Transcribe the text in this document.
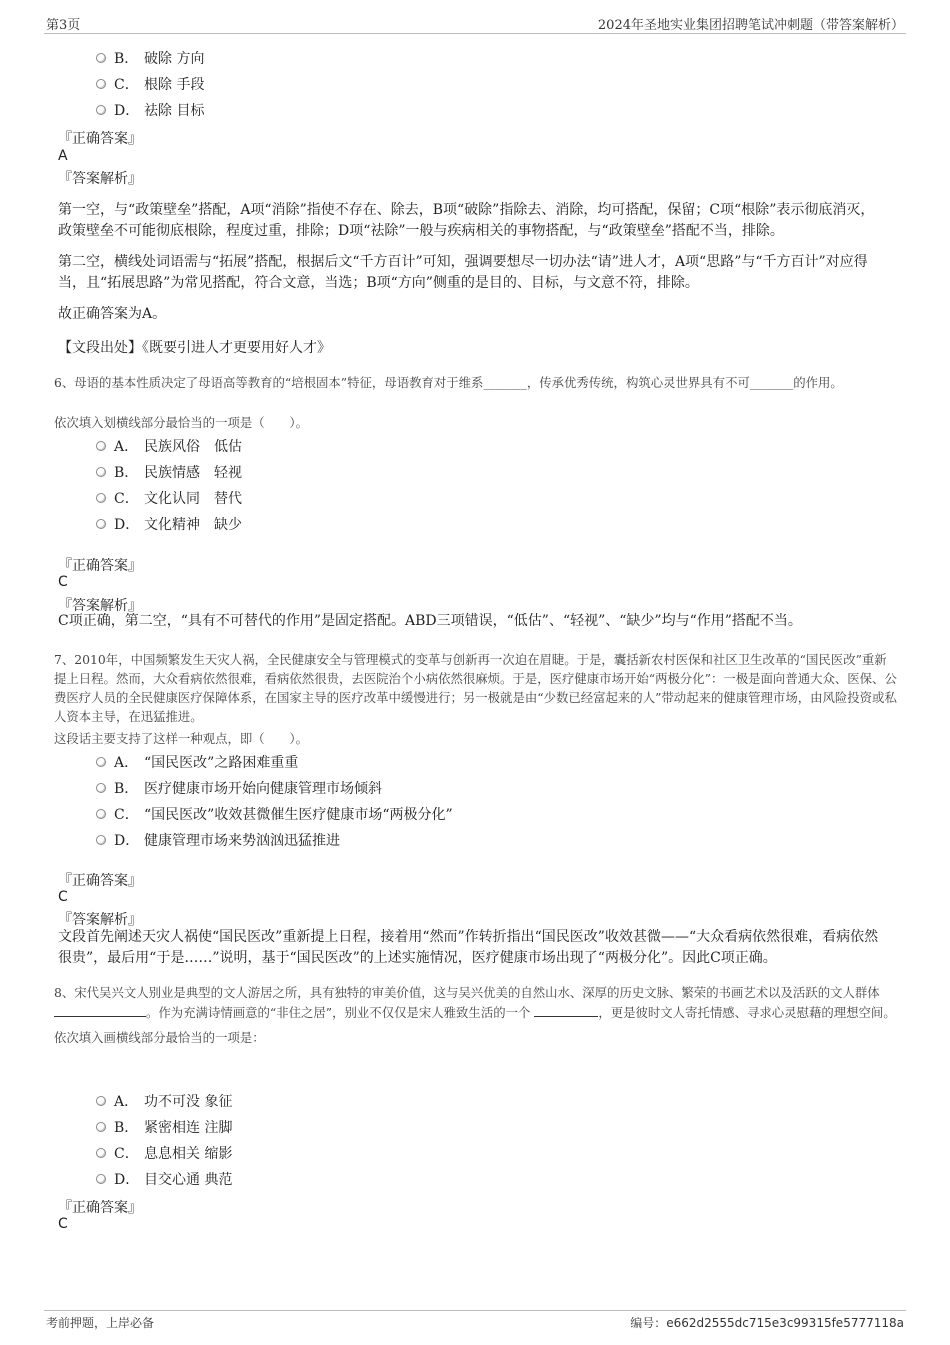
第3页	2024年圣地实业集团招聘笔试冲刺题（带答案解析）
B． 破除 方向
C． 根除 手段
D． 祛除 目标
『正确答案』
A
『答案解析』
第一空，与“政策壁垒”搭配，A项“消除”指使不存在、除去，B项“破除”指除去、消除，均可搭配，保留；C项“根除”表示彻底消灭，政策壁垒不可能彻底根除，程度过重，排除；D项“祛除”一般与疾病相关的事物搭配，与“政策壁垒”搭配不当，排除。
第二空，横线处词语需与“拓展”搭配，根据后文“千方百计”可知，强调要想尽一切办法“请”进人才，A项“思路”与“千方百计”对应得当，且“拓展思路”为常见搭配，符合文意，当选；B项“方向”侧重的是目的、目标，与文意不符，排除。
故正确答案为A。
【文段出处】《既要引进人才更要用好人才》
6、母语的基本性质决定了母语高等教育的“培根固本”特征，母语教育对于维系_______，传承优秀传统，构筑心灵世界具有不可_______的作用。
依次填入划横线部分最恰当的一项是（　　）。
A． 民族风俗　低估
B． 民族情感　轻视
C． 文化认同　替代
D． 文化精神　缺少
『正确答案』
C
『答案解析』
C项正确，第二空，“具有不可替代的作用”是固定搭配。ABD三项错误，“低估”、“轻视”、“缺少”均与“作用”搭配不当。
7、2010年，中国频繁发生天灾人祸，全民健康安全与管理模式的变革与创新再一次迫在眉睫。于是，囊括新农村医保和社区卫生改革的“国民医改”重新提上日程。然而，大众看病依然很难，看病依然很贵，去医院治个小病依然很麻烦。于是，医疗健康市场开始“两极分化”：一极是面向普通大众、医保、公费医疗人员的全民健康医疗保障体系，在国家主导的医疗改革中缓慢进行；另一极就是由“少数已经富起来的人”带动起来的健康管理市场，由风险投资或私人资本主导，在迅猛推进。
这段话主要支持了这样一种观点，即（　　）。
A． “国民医改”之路困难重重
B． 医疗健康市场开始向健康管理市场倾斜
C． “国民医改”收效甚微催生医疗健康市场“两极分化”
D． 健康管理市场来势汹汹迅猛推进
『正确答案』
C
『答案解析』
文段首先阐述天灾人祸使“国民医改”重新提上日程，接着用“然而”作转折指出“国民医改”收效甚微——“大众看病依然很难，看病依然很贵”，最后用“于是……”说明，基于“国民医改”的上述实施情况，医疗健康市场出现了“两极分化”。因此C项正确。
8、宋代吴兴文人别业是典型的文人游居之所，具有独特的审美价值，这与吴兴优美的自然山水、深厚的历史文脉、繁荣的书画艺术以及活跃的文人群体 。作为充满诗情画意的“非住之居”，别业不仅仅是宋人雅致生活的一个	，更是彼时文人寄托情感、寻求心灵慰藉的理想空间。
依次填入画横线部分最恰当的一项是：
A． 功不可没 象征
B． 紧密相连 注脚
C． 息息相关 缩影
D． 目交心通 典范
『正确答案』
C
考前押题，上岸必备	编号：e662d2555dc715e3c99315fe5777118a
